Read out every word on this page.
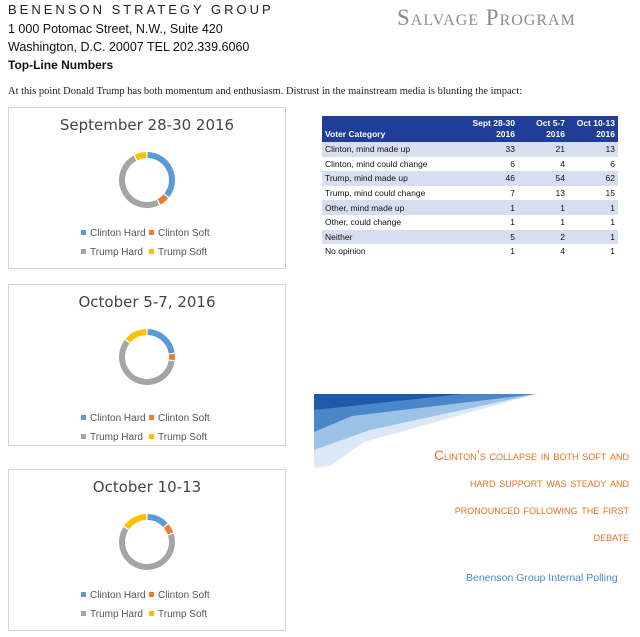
BENENSON STRATEGY GROUP
1 000 Potomac Street, N.W., Suite 420
Washington, D.C. 20007 TEL 202.339.6060
Top-Line Numbers
Salvage Program
At this point Donald Trump has both momentum and enthusiasm. Distrust in the mainstream media is blunting the impact:
September 28-30 2016
Clinton Hard Clinton Soft
Trump Hard Trump Soft
October 5-7, 2016
Clinton Hard Clinton Soft
Trump Hard Trump Soft
October 10-13
Clinton Hard Clinton Soft
Trump Hard Trump Soft
Voter Category	Sept 28-30 2016	Oct 5-7 2016	Oct 10-13 2016
Clinton, mind made up	33	21	13
Clinton, mind could change	6	4	6
Trump, mind made up	46	54	62
Trump, mind could change	7	13	15
Other, mind made up	1	1	1
Other, could change	1	1	1
Neither	5	2	1
No opinion	1	4	1
Clinton’s collapse in both soft and
hard support was steady and
pronounced following the first
debate
Benenson Group Internal Polling
